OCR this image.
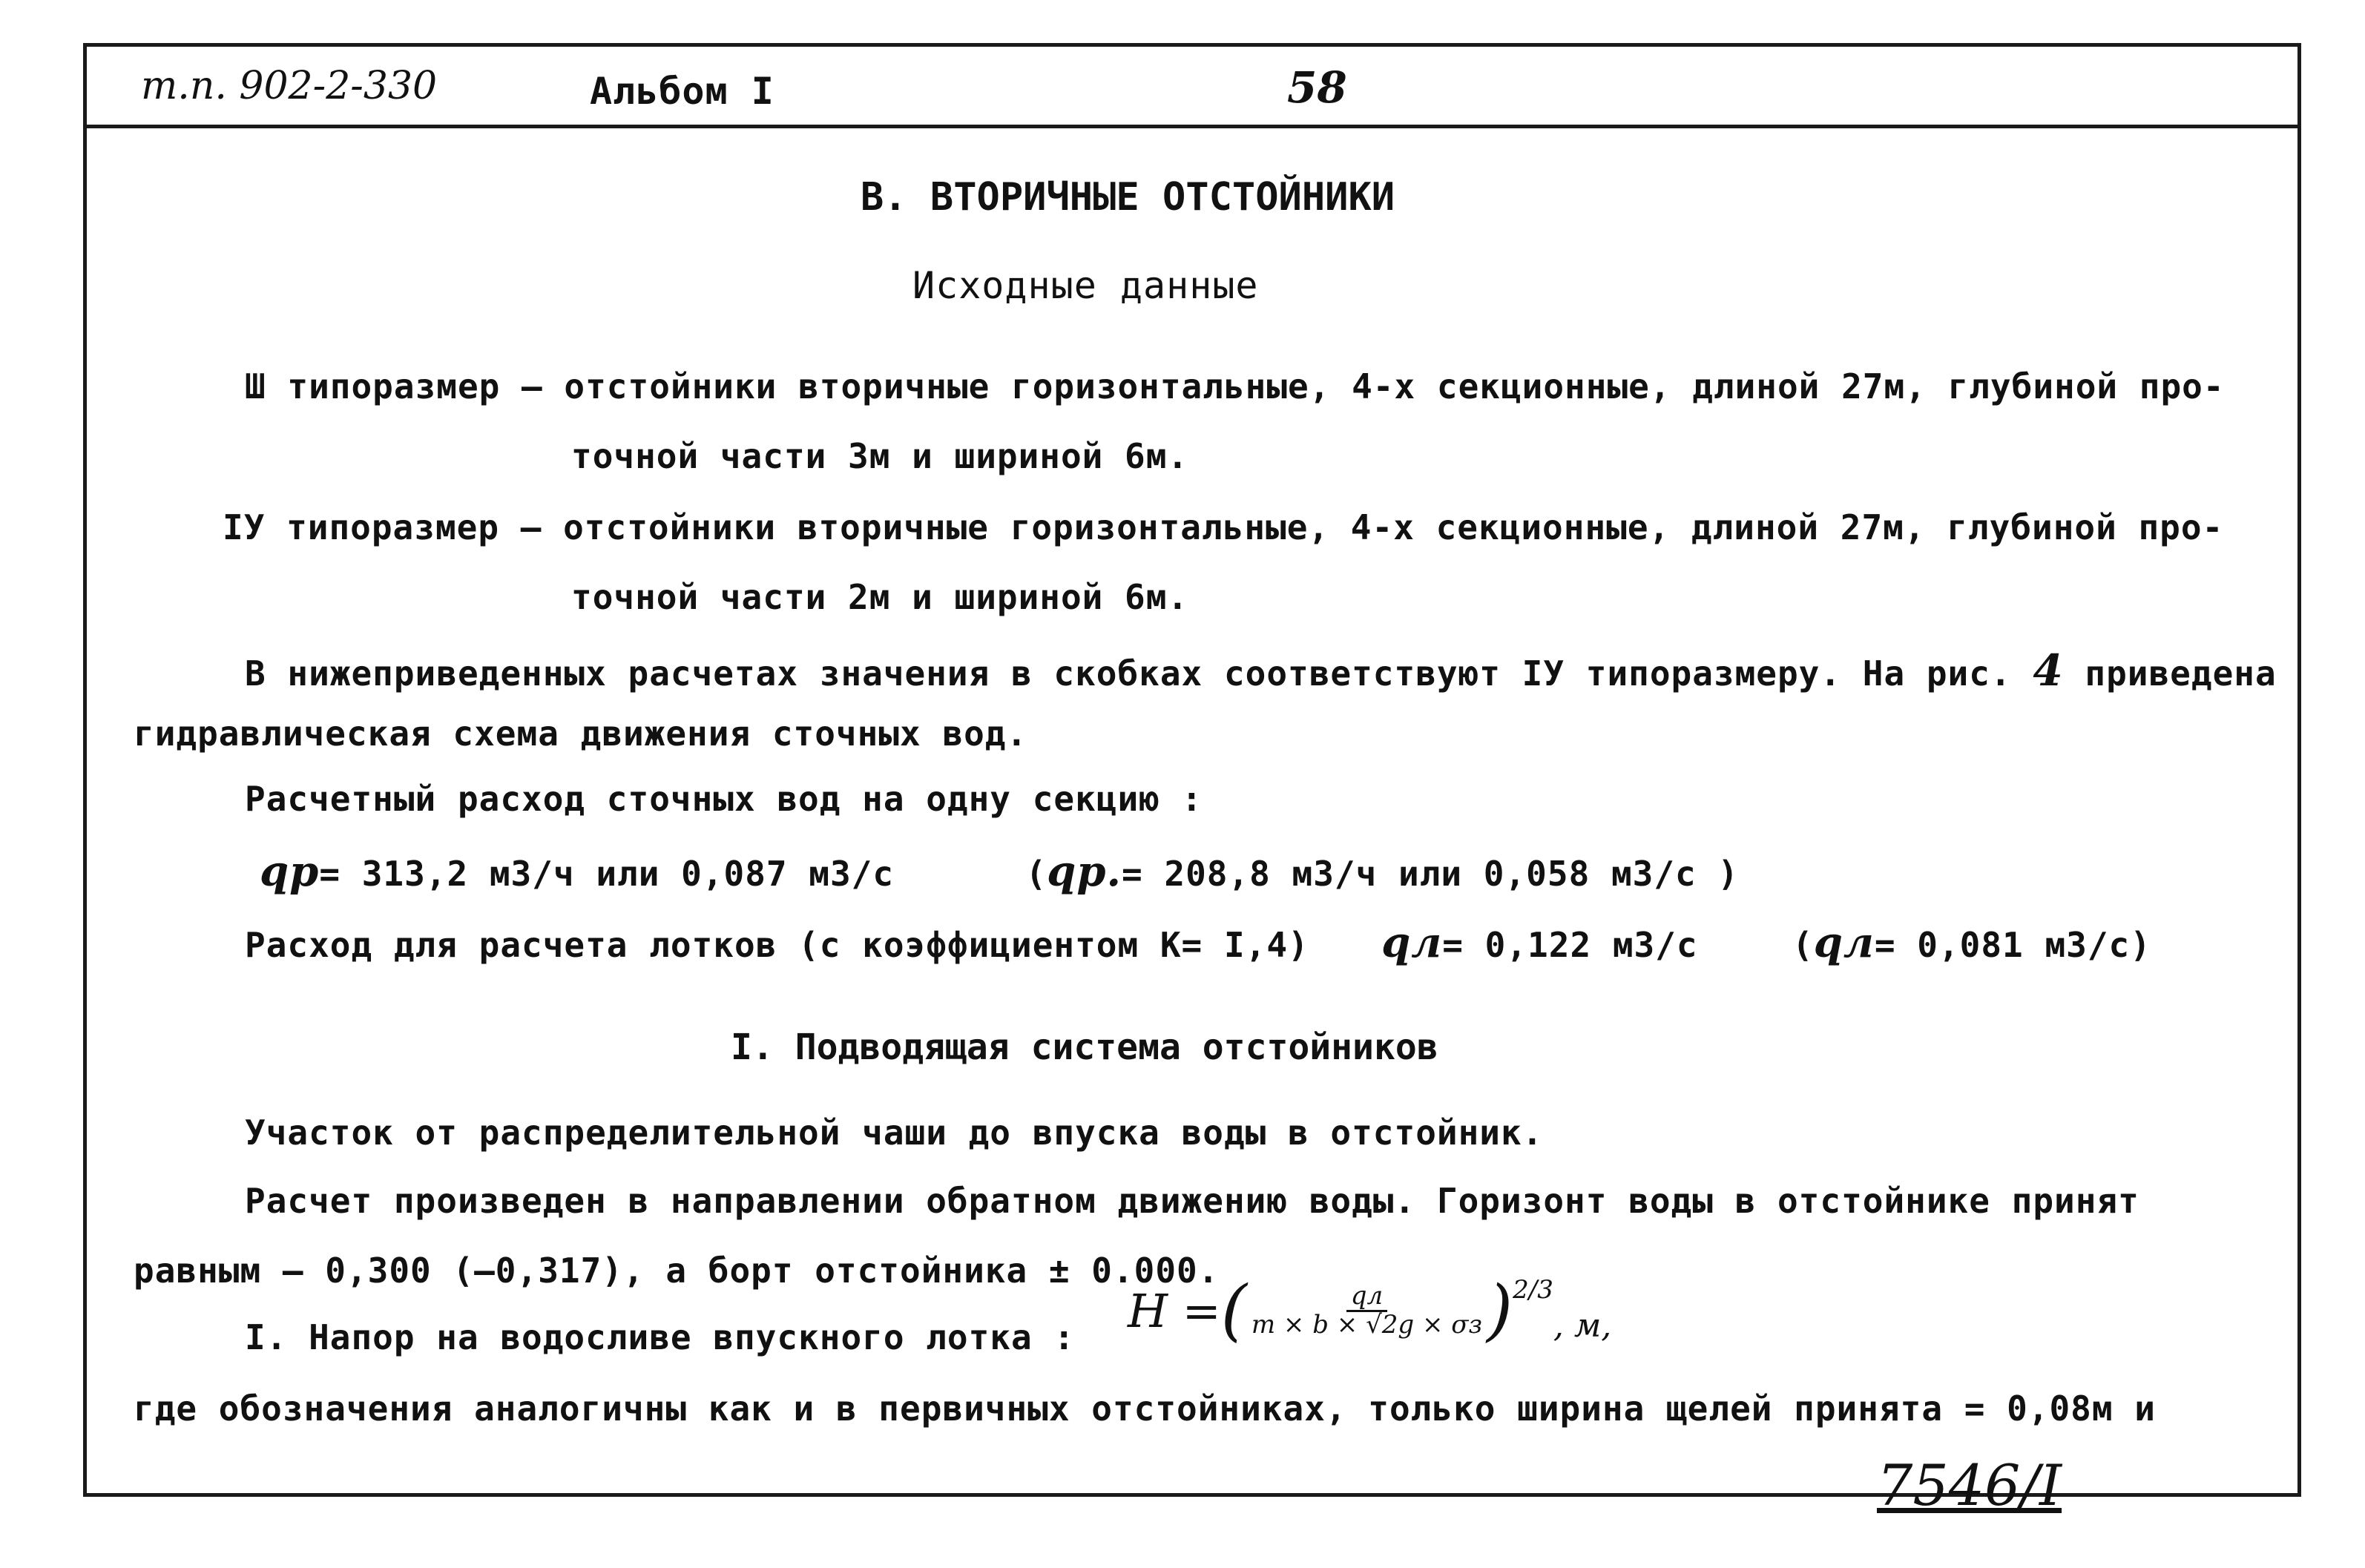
т.п. 902-2-330	Альбом I	58
В. ВТОРИЧНЫЕ ОТСТОЙНИКИ
Исходные данные
Ш типоразмер – отстойники вторичные горизонтальные, 4-х секционные, длиной 27м, глубиной про-
точной части 3м и шириной 6м.
IУ типоразмер – отстойники вторичные горизонтальные, 4-х секционные, длиной 27м, глубиной про-
точной части 2м и шириной 6м.
В нижеприведенных расчетах значения в скобках соответствуют IУ типоразмеру. На рис. 4 приведена
гидравлическая схема движения сточных вод.
Расчетный расход сточных вод на одну секцию :
qр= 313,2 м3/ч или 0,087 м3/с	(qр.= 208,8 м3/ч или 0,058 м3/с )
Расход для расчета лотков (с коэффициентом К= I,4) qл= 0,122 м3/с	(qл= 0,081 м3/с)
I. Подводящая система отстойников
Участок от распределительной чаши до впуска воды в отстойник.
Расчет произведен в направлении обратном движению воды. Горизонт воды в отстойнике принят
равным – 0,300 (–0,317), а борт отстойника ± 0.000.
I. Напор на водосливе впускного лотка : H = ( $\frac{qл}{m \times b \times √2g \times \sigma з}$ ) 2/3
, м,
где обозначения аналогичны как и в первичных отстойниках, только ширина щелей принята = 0,08м и
7546/I
